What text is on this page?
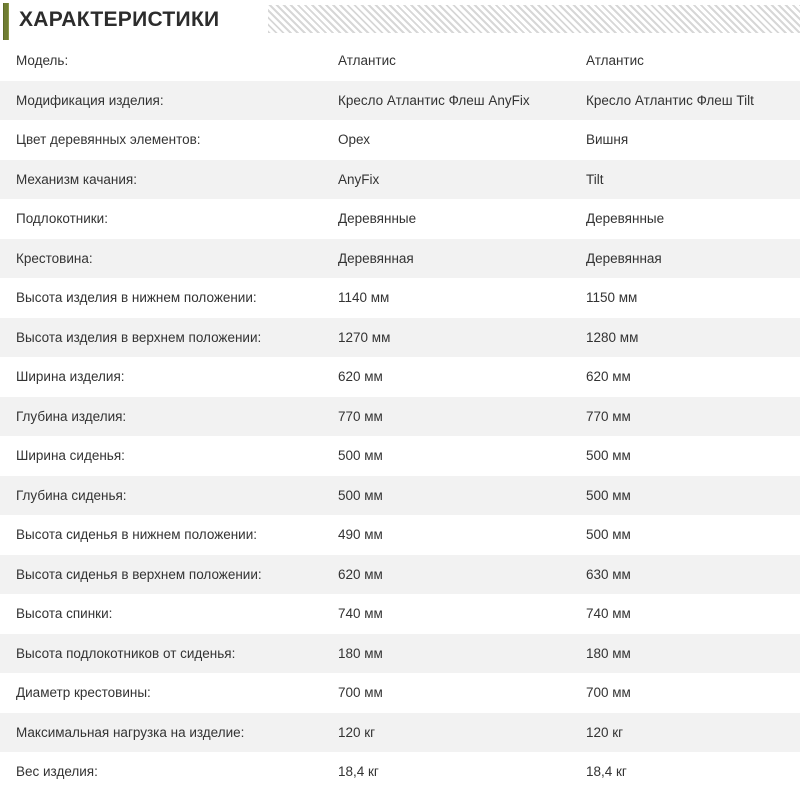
ХАРАКТЕРИСТИКИ
Модель:	Атлантис	Атлантис
Модификация изделия:	Кресло Атлантис Флеш AnyFix	Кресло Атлантис Флеш Tilt
Цвет деревянных элементов:	Орех	Вишня
Механизм качания:	AnyFix	Tilt
Подлокотники:	Деревянные	Деревянные
Крестовина:	Деревянная	Деревянная
Высота изделия в нижнем положении:	1140 мм	1150 мм
Высота изделия в верхнем положении:	1270 мм	1280 мм
Ширина изделия:	620 мм	620 мм
Глубина изделия:	770 мм	770 мм
Ширина сиденья:	500 мм	500 мм
Глубина сиденья:	500 мм	500 мм
Высота сиденья в нижнем положении:	490 мм	500 мм
Высота сиденья в верхнем положении:	620 мм	630 мм
Высота спинки:	740 мм	740 мм
Высота подлокотников от сиденья:	180 мм	180 мм
Диаметр крестовины:	700 мм	700 мм
Максимальная нагрузка на изделие:	120 кг	120 кг
Вес изделия:	18,4 кг	18,4 кг
